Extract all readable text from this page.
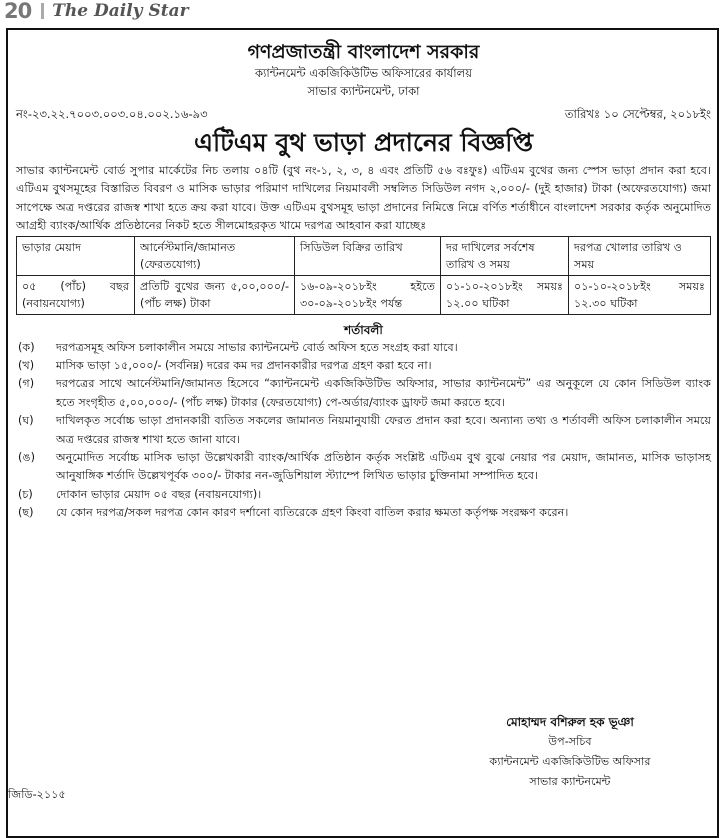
20 The Daily Star
গণপ্রজাতন্ত্রী বাংলাদেশ সরকার
ক্যান্টনমেন্ট একজিকিউটিভ অফিসারের কার্যালয়
সাভার ক্যান্টনমেন্ট, ঢাকা
নং-২৩.২২.৭০০৩.০০৩.০৪.০০২.১৬-৯৩	তারিখঃ ১০ সেপ্টেম্বর, ২০১৮ইং
এটিএম বুথ ভাড়া প্রদানের বিজ্ঞপ্তি
সাভার ক্যান্টনমেন্ট বোর্ড সুপার মার্কেটের নিচ তলায় ০৪টি (বুথ নং-১, ২, ৩, ৪ এবং প্রতিটি ৫৬ বঃফুঃ) এটিএম বুথের জন্য স্পেস ভাড়া প্রদান করা হবে। এটিএম বুথসমূহের বিস্তারিত বিবরণ ও মাসিক ভাড়ার পরিমাণ দাখিলের নিয়মাবলী সম্বলিত সিডিউল নগদ ২,০০০/- (দুই হাজার) টাকা (অফেরতযোগ্য) জমা সাপেক্ষে অত্র দপ্তরের রাজস্ব শাখা হতে ক্রয় করা যাবে। উক্ত এটিএম বুথসমূহ ভাড়া প্রদানের নিমিত্তে নিম্নে বর্ণিত শর্তাধীনে বাংলাদেশ সরকার কর্তৃক অনুমোদিত আগ্রহী ব্যাংক/আর্থিক প্রতিষ্ঠানের নিকট হতে সীলমোহরকৃত খামে দরপত্র আহবান করা যাচ্ছেঃ
ভাড়ার মেয়াদ	আর্নেস্টমানি/জামানত (ফেরতযোগ্য)	সিডিউল বিক্রির তারিখ	দর দাখিলের সর্বশেষ তারিখ ও সময়	দরপত্র খোলার তারিখ ও সময়
০৫ (পাঁচ) বছর (নবায়নযোগ্য)	প্রতিটি বুথের জন্য ৫,০০,০০০/- (পাঁচ লক্ষ) টাকা	১৬-০৯-২০১৮ইং হইতে ৩০-০৯-২০১৮ইং পর্যন্ত	০১-১০-২০১৮ইং সময়ঃ ১২.০০ ঘটিকা	০১-১০-২০১৮ইং সময়ঃ ১২.৩০ ঘটিকা
শর্তাবলী
(ক)	দরপত্রসমূহ অফিস চলাকালীন সময়ে সাভার ক্যান্টনমেন্ট বোর্ড অফিস হতে সংগ্রহ করা যাবে।
(খ)	মাসিক ভাড়া ১৫,০০০/- (সর্বনিম্ন) দরের কম দর প্রদানকারীর দরপত্র গ্রহণ করা হবে না।
(গ)	দরপত্রের সাথে আর্নেস্টমানি/জামানত হিসেবে “ক্যান্টনমেন্ট একজিকিউটিভ অফিসার, সাভার ক্যান্টনমেন্ট” এর অনুকূলে যে কোন সিডিউল ব্যাংক হতে সংগৃহীত ৫,০০,০০০/- (পাঁচ লক্ষ) টাকার (ফেরতযোগ্য) পে-অর্ডার/ব্যাংক ড্রাফট জমা করতে হবে।
(ঘ)	দাখিলকৃত সর্বোচ্চ ভাড়া প্রদানকারী ব্যতিত সকলের জামানত নিয়মানুযায়ী ফেরত প্রদান করা হবে। অন্যান্য তথ্য ও শর্তাবলী অফিস চলাকালীন সময়ে অত্র দপ্তরের রাজস্ব শাখা হতে জানা যাবে।
(ঙ)	অনুমোদিত সর্বোচ্চ মাসিক ভাড়া উল্লেখকারী ব্যাংক/আর্থিক প্রতিষ্ঠান কর্তৃক সংশ্লিষ্ট এটিএম বুথ বুঝে নেয়ার পর মেয়াদ, জামানত, মাসিক ভাড়াসহ আনুষাঙ্গিক শর্তাদি উল্লেখপূর্বক ৩০০/- টাকার নন-জুডিশিয়াল স্ট্যাম্পে লিখিত ভাড়ার চুক্তিনামা সম্পাদিত হবে।
(চ)	দোকান ভাড়ার মেয়াদ ০৫ বছর (নবায়নযোগ্য)।
(ছ)	যে কোন দরপত্র/সকল দরপত্র কোন কারণ দর্শানো ব্যতিরেকে গ্রহণ কিংবা বাতিল করার ক্ষমতা কর্তৃপক্ষ সংরক্ষণ করেন।
মোহাম্মদ বশিরুল হক ভূঞা
উপ-সচিব
ক্যান্টনমেন্ট একজিকিউটিভ অফিসার
সাভার ক্যান্টনমেন্ট
জিডি-২১১৫
